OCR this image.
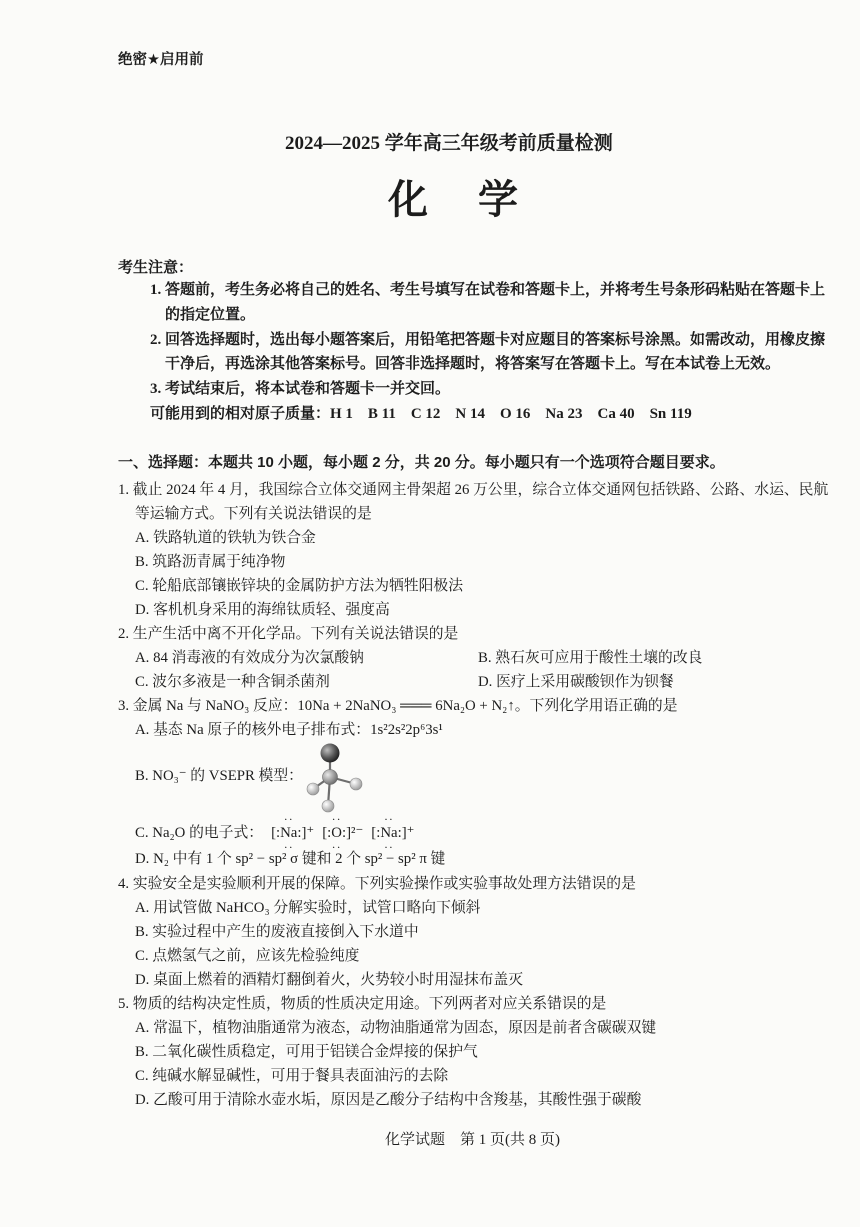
绝密★启用前
2024—2025 学年高三年级考前质量检测
化学
考生注意：
1. 答题前，考生务必将自己的姓名、考生号填写在试卷和答题卡上，并将考生号条形码粘贴在答题卡上
的指定位置。
2. 回答选择题时，选出每小题答案后，用铅笔把答题卡对应题目的答案标号涂黑。如需改动，用橡皮擦
干净后，再选涂其他答案标号。回答非选择题时，将答案写在答题卡上。写在本试卷上无效。
3. 考试结束后，将本试卷和答题卡一并交回。
可能用到的相对原子质量：H 1　B 11　C 12　N 14　O 16　Na 23　Ca 40　Sn 119
一、选择题：本题共 10 小题，每小题 2 分，共 20 分。每小题只有一个选项符合题目要求。
1. 截止 2024 年 4 月，我国综合立体交通网主骨架超 26 万公里，综合立体交通网包括铁路、公路、水运、民航
等运输方式。下列有关说法错误的是
A. 铁路轨道的铁轨为铁合金
B. 筑路沥青属于纯净物
C. 轮船底部镶嵌锌块的金属防护方法为牺牲阳极法
D. 客机机身采用的海绵钛质轻、强度高
2. 生产生活中离不开化学品。下列有关说法错误的是
A. 84 消毒液的有效成分为次氯酸钠	B. 熟石灰可应用于酸性土壤的改良
C. 波尔多液是一种含铜杀菌剂	D. 医疗上采用碳酸钡作为钡餐
3. 金属 Na 与 NaNO₃ 反应：10Na + 2NaNO₃ ═══ 6Na₂O + N₂↑。下列化学用语正确的是
A. 基态 Na 原子的核外电子排布式：1s²2s²2p⁶3s¹
B. NO₃⁻ 的 VSEPR 模型：
C. Na₂O 的电子式： [:·· Na ··:]⁺ [:·· O ··:]²⁻ [:·· Na ··:]⁺
D. N₂ 中有 1 个 sp² − sp² σ 键和 2 个 sp² − sp² π 键
4. 实验安全是实验顺利开展的保障。下列实验操作或实验事故处理方法错误的是
A. 用试管做 NaHCO₃ 分解实验时，试管口略向下倾斜
B. 实验过程中产生的废液直接倒入下水道中
C. 点燃氢气之前，应该先检验纯度
D. 桌面上燃着的酒精灯翻倒着火，火势较小时用湿抹布盖灭
5. 物质的结构决定性质，物质的性质决定用途。下列两者对应关系错误的是
A. 常温下，植物油脂通常为液态，动物油脂通常为固态，原因是前者含碳碳双键
B. 二氧化碳性质稳定，可用于铝镁合金焊接的保护气
C. 纯碱水解显碱性，可用于餐具表面油污的去除
D. 乙酸可用于清除水壶水垢，原因是乙酸分子结构中含羧基，其酸性强于碳酸
化学试题　第 1 页(共 8 页)
